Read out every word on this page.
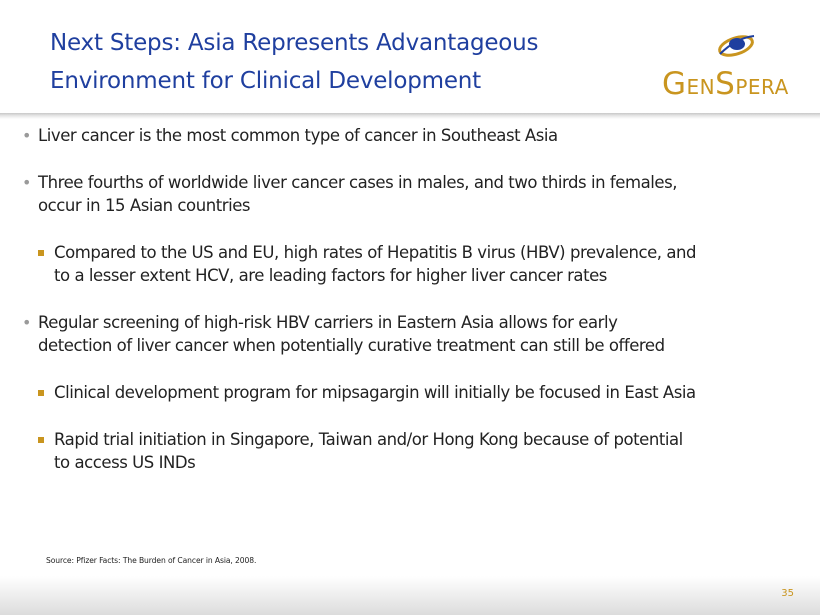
Next Steps: Asia Represents Advantageous
Environment for Clinical Development	GENSPERA
• Liver cancer is the most common type of cancer in Southeast Asia
• Three fourths of worldwide liver cancer cases in males, and two thirds in females,
occur in 15 Asian countries
Compared to the US and EU, high rates of Hepatitis B virus (HBV) prevalence, and
to a lesser extent HCV, are leading factors for higher liver cancer rates
• Regular screening of high-risk HBV carriers in Eastern Asia allows for early
detection of liver cancer when potentially curative treatment can still be offered
Clinical development program for mipsagargin will initially be focused in East Asia
Rapid trial initiation in Singapore, Taiwan and/or Hong Kong because of potential
to access US INDs
Source: Pfizer Facts: The Burden of Cancer in Asia, 2008.
35
